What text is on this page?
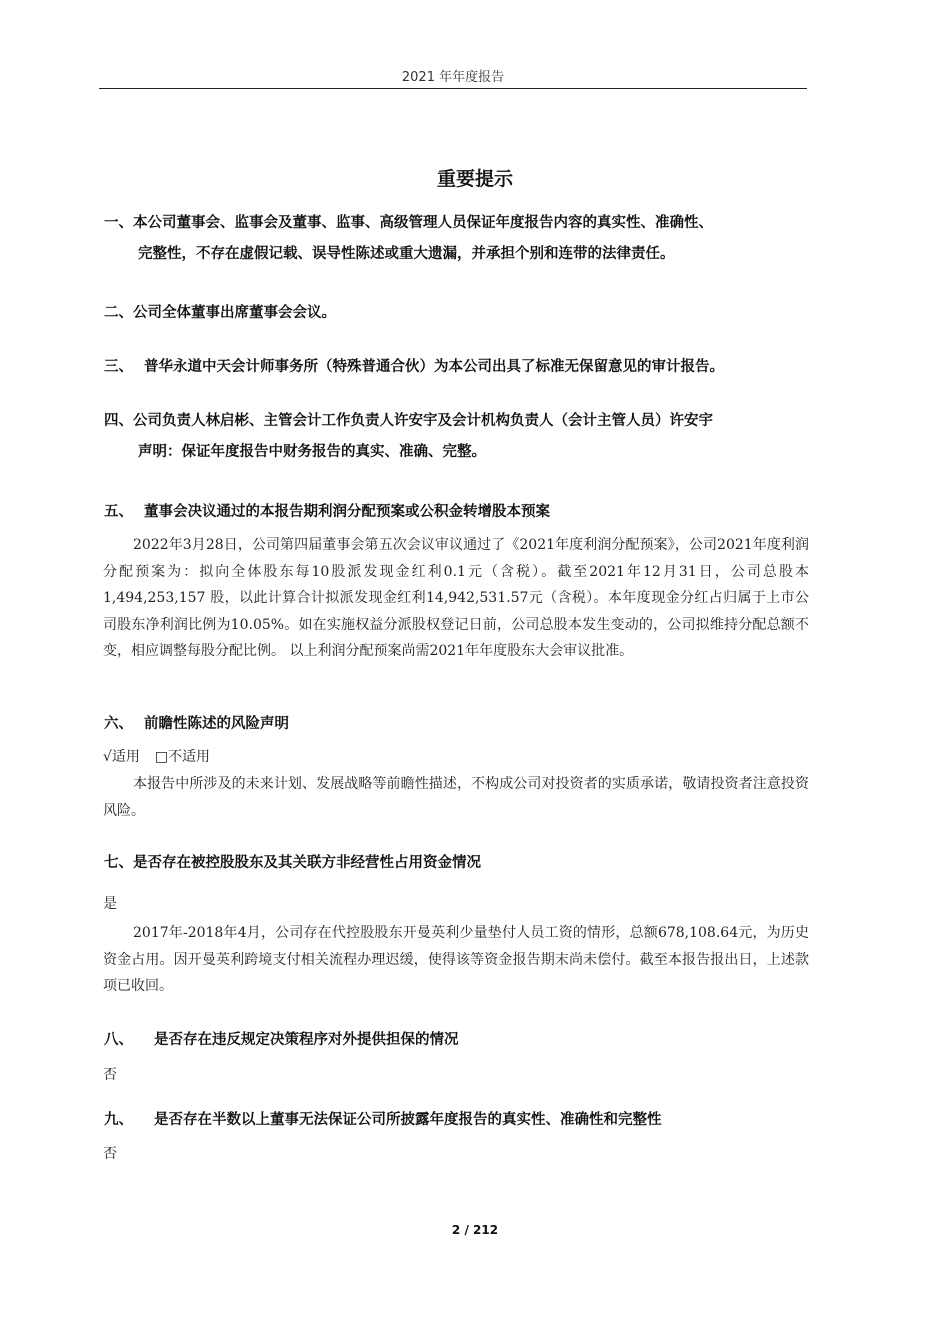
2021 年年度报告
重要提示
一、本公司董事会、监事会及董事、监事、高级管理人员保证年度报告内容的真实性、准确性、
完整性，不存在虚假记载、误导性陈述或重大遗漏，并承担个别和连带的法律责任。
二、公司全体董事出席董事会会议。
三、 普华永道中天会计师事务所（特殊普通合伙）为本公司出具了标准无保留意见的审计报告。
四、公司负责人林启彬、主管会计工作负责人许安宇及会计机构负责人（会计主管人员）许安宇
声明：保证年度报告中财务报告的真实、准确、完整。
五、 董事会决议通过的本报告期利润分配预案或公积金转增股本预案
2022年3月28日，公司第四届董事会第五次会议审议通过了《2021年度利润分配预案》，公司2021年度利润分配预案为：拟向全体股东每10股派发现金红利0.1元（含税）。截至2021年12月31日，公司总股本1,494,253,157 股，以此计算合计拟派发现金红利14,942,531.57元（含税）。本年度现金分红占归属于上市公司股东净利润比例为10.05%。如在实施权益分派股权登记日前，公司总股本发生变动的，公司拟维持分配总额不变，相应调整每股分配比例。 以上利润分配预案尚需2021年年度股东大会审议批准。
六、 前瞻性陈述的风险声明
√适用 □不适用
本报告中所涉及的未来计划、发展战略等前瞻性描述，不构成公司对投资者的实质承诺，敬请投资者注意投资风险。
七、是否存在被控股股东及其关联方非经营性占用资金情况
是
2017年-2018年4月，公司存在代控股股东开曼英利少量垫付人员工资的情形，总额678,108.64元，为历史资金占用。因开曼英利跨境支付相关流程办理迟缓，使得该等资金报告期末尚未偿付。截至本报告报出日，上述款项已收回。
八、 是否存在违反规定决策程序对外提供担保的情况
否
九、 是否存在半数以上董事无法保证公司所披露年度报告的真实性、准确性和完整性
否
2 / 212
